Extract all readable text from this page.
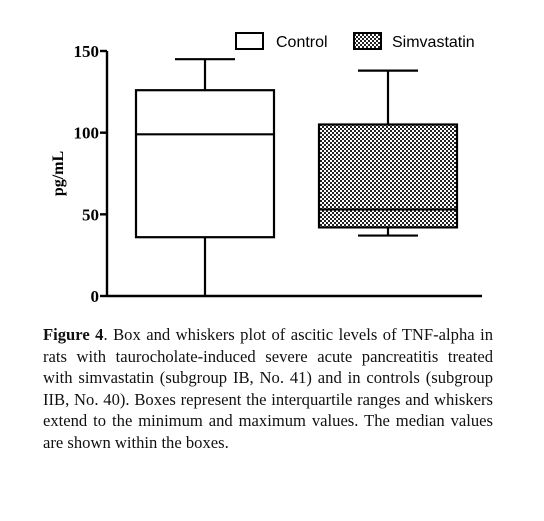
0
50
100
150
pg/mL
Control	Simvastatin
Figure 4. Box and whiskers plot of ascitic levels of TNF-alpha in rats with taurocholate-induced severe acute pancreatitis treated with simvastatin (subgroup IB, No. 41) and in controls (subgroup IIB, No. 40). Boxes represent the interquartile ranges and whiskers extend to the minimum and maximum values. The median values are shown within the boxes.
